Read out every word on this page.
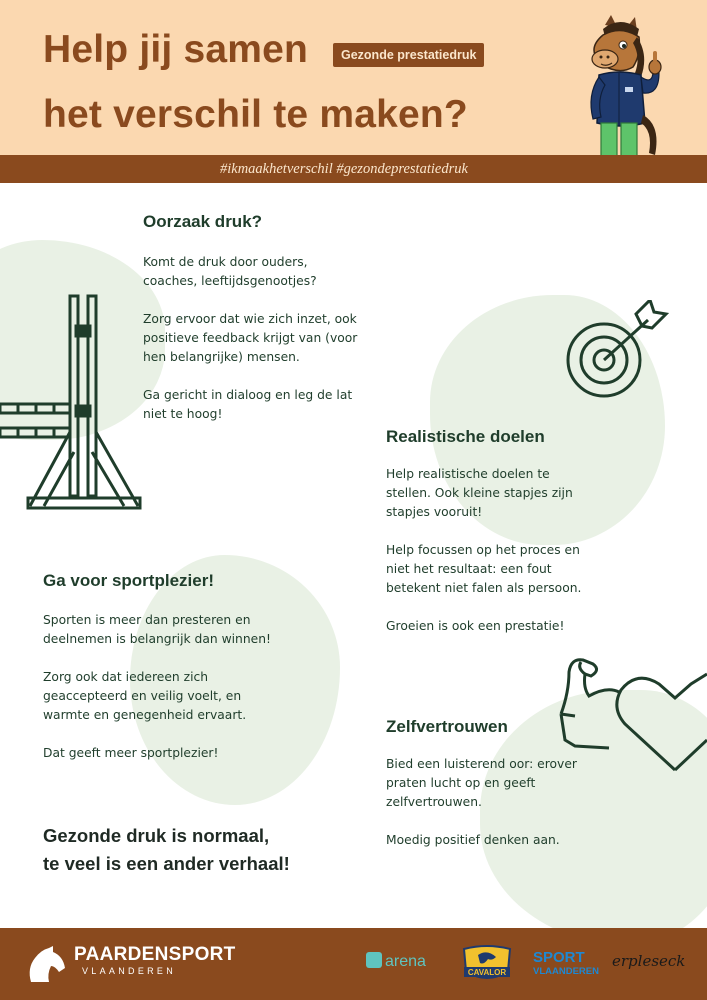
Help jij samen
het verschil te maken?
Gezonde prestatiedruk
#ikmaakhetverschil #gezondeprestatiedruk
Oorzaak druk?
Komt de druk door ouders,
coaches, leeftijdsgenootjes?
Zorg ervoor dat wie zich inzet, ook
positieve feedback krijgt van (voor
hen belangrijke) mensen.
Ga gericht in dialoog en leg de lat
niet te hoog!
Realistische doelen
Help realistische doelen te
stellen. Ook kleine stapjes zijn
stapjes vooruit!
Help focussen op het proces en
niet het resultaat: een fout
betekent niet falen als persoon.
Groeien is ook een prestatie!
Ga voor sportplezier!
Sporten is meer dan presteren en
deelnemen is belangrijk dan winnen!
Zorg ook dat iedereen zich
geaccepteerd en veilig voelt, en
warmte en genegenheid ervaart.
Dat geeft meer sportplezier!
Zelfvertrouwen
Bied een luisterend oor: erover
praten lucht op en geeft
zelfvertrouwen.
Moedig positief denken aan.
Gezonde druk is normaal,
te veel is een ander verhaal!
PAARDENSPORT
VLAANDEREN
arena
CAVALOR
SPORT
VLAANDEREN
erpleseck
